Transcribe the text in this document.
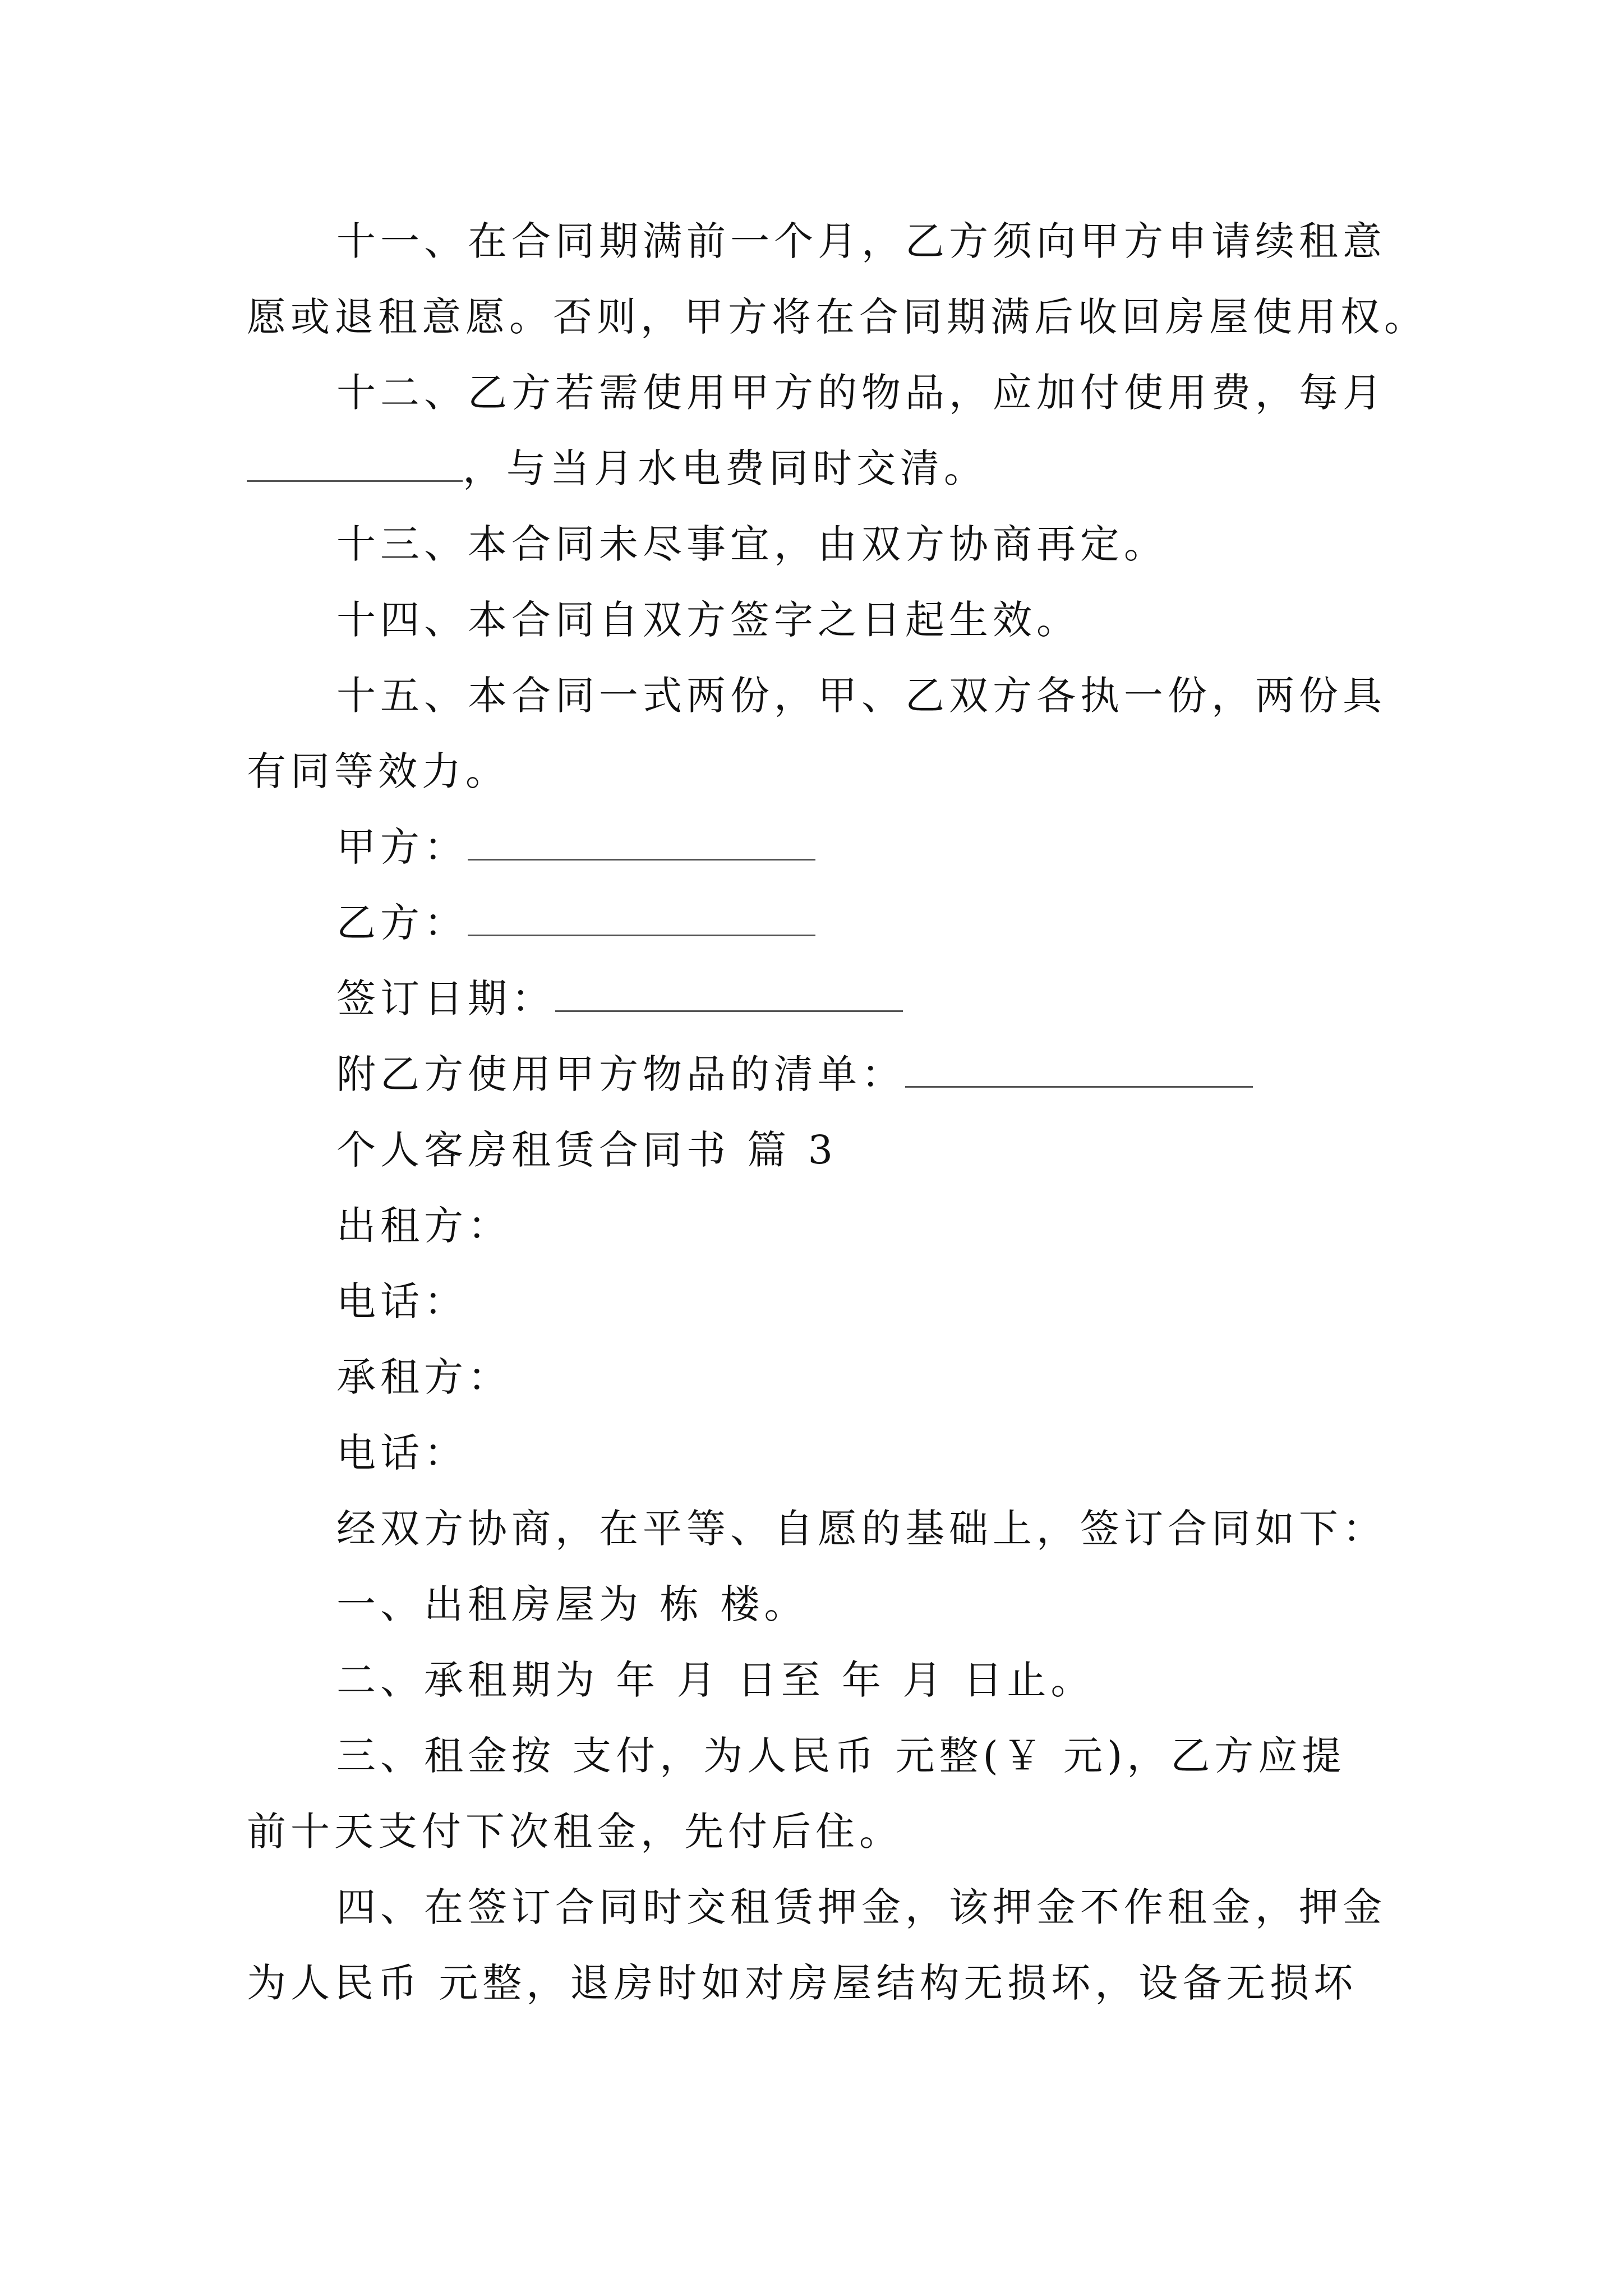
十一、在合同期满前一个月，乙方须向甲方申请续租意
愿或退租意愿。否则，甲方将在合同期满后收回房屋使用权。
十二、乙方若需使用甲方的物品，应加付使用费，每月
，与当月水电费同时交清。
十三、本合同未尽事宜，由双方协商再定。
十四、本合同自双方签字之日起生效。
十五、本合同一式两份，甲、乙双方各执一份，两份具
有同等效力。
甲方：
乙方：
签订日期：
附乙方使用甲方物品的清单：
个人客房租赁合同书 篇 3
出租方：
电话：
承租方：
电话：
经双方协商，在平等、自愿的基础上，签订合同如下：
一、出租房屋为 栋 楼。
二、承租期为 年 月 日至 年 月 日止。
三、租金按 支付，为人民币 元整(￥ 元)，乙方应提
前十天支付下次租金，先付后住。
四、在签订合同时交租赁押金，该押金不作租金，押金
为人民币 元整，退房时如对房屋结构无损坏，设备无损坏
